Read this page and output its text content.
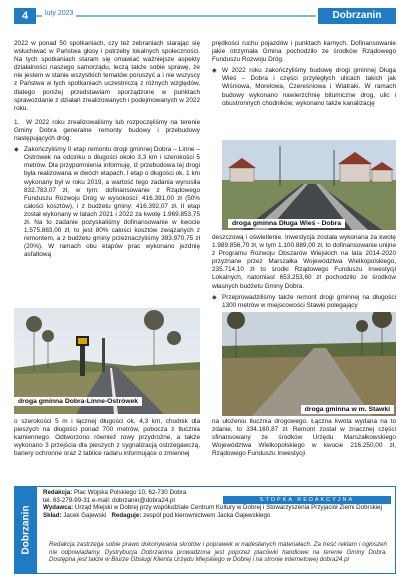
4	luty 2023	Dobrzanin

2022 w ponad 50 spotkaniach, czy też zebraniach starając się wsłuchiwać w Państwa głosy i potrzeby lokalnych społeczności. Na tych spotkaniach staram się omawiać ważniejsze aspekty działalności naszego samorządu, leczą także sobie sprawę, że nie jestem w stanie wszystkich tematów poruszyć a i nie wszyscy z Państwa w tych spotkaniach uczestniczą z różnych względów, dlatego poniżej przedstawiam sporządzone w punktach sprawozdanie z działań zrealizowanych i podejmowanych w 2022 roku.

1. W 2022 roku zrealizowaliśmy lub rozpoczęliśmy na terenie Gminy Dobra generalne remonty budowy i przebudowy następujących dróg:

◆ Zakończyliśmy II etap remontu drogi gminnej Dobra – Linne – Ostrówek na odcinku o długości około 3,3 km i szerokości 5 metrów. Dla przypomnienia informuję, iż przebudowa tej drogi była realizowana w dwóch etapach. I etap o długości ok. 1 km wykonany był w roku 2019, a wartość tego zadania wynosiła 832.783,07 zł, w tym: dofinansowanie z Rządowego Funduszu Rozwoju Dróg w wysokości: 416.391,00 zł (50% całości kosztów), i z budżetu gminy: 416.392,07 zł. II etap został wykonany w latach 2021 i 2022 za kwotę 1.969.853,75 zł. Na to zadanie pozyskaliśmy dofinansowanie w kwocie 1.575.883,00 zł, to jest 80% całości kosztów związanych z remontem, a z budżetu gminy przeznaczyliśmy 393.970,75 zł (20%). W ramach obu etapów prac wykonano jezdnię asfaltową

droga gminna Dobra-Linne-Ostrówek

o szerokości 5 m i łącznej długości ok. 4,3 km, chodnik dla pieszych na długości ponad 700 metrów, pobocza z tłucznia kamiennego. Odtworzono również rowy przydrożne, a także wykonano 3 przejścia dla pieszych z sygnalizacją ostrzegawczą, bariery ochronne oraz 2 tablice radaru informujące o zmiennej

prędkości ruchu pojazdów i punktach karnych. Dofinansowanie jakie otrzymała Gmina pochodziło ze środków Rządowego Funduszu Rozwoju Dróg.

◆ W 2022 roku zakończyliśmy budowę drogi gminnej Długa Wieś – Dobra i części przyległych ulicach takich jak Wiśniowa, Morelowa, Czereśniowa i Wiatraki. W ramach budowy wykonano nawierzchnię bitumiczne drog, ulic i obustronnych chodników, wykonano także kanalizację

droga gminna Długa Wieś - Dobra

deszczową i oświetlenie. Inwestycja została wykonana za kwotę 1.989.856,70 zł, w tym 1.100.889,00 zł, to dofinansowanie unijne z Programu Rozwoju Obszarów Wiejskich na lata 2014-2020 przyznane przez Marszałka Województwa Wielkopolskiego, 235.714,10 zł to środki Rządowego Funduszu Inwestycji Lokalnych, natomiast 653.253,60 zł pochodziło ze środków własnych budżetu Gminy Dobra.

◆ Przeprowadziliśmy także remont drogi gminnej na długości 1300 metrów w miejscowości Stawki polegający

droga gminna w m. Stawki

na ułożeniu tłucznia drogowego. Łączna kwota wydana na to zdanie, to 334.160,87 zł. Remont został w znacznej części sfinansowany ze środków Urzędu Marszałkowskiego Województwa Wielkopolskiego w kwocie 216.250,00 zł, Rządowego Funduszu Inwestycji

Dobrzanin
STOPKA REDAKCYJNA
Redakcja: Plac Wojska Polskiego 10, 62-730 Dobra
tel. 63-279-99-31 e-mail: dobrzanin@dobra24.pl
Wydawca: Urząd Miejski w Dobrej przy współudziale Centrum Kultury w Dobrej i Stowarzyszenia Przyjaciół Ziemi Dobrskiej
Skład: Jacek Gajewski Redaguje: zespół pod kierownictwem Jacka Gajewskiego
Redakcja zastrzega sobie prawo dokonywania skrótów i poprawek w nadesłanych materiałach. Za treść reklam i ogłoszeń nie odpowiadamy. Dystrybucja Dobrzanina prowadzona jest poprzez placówki handlowe na terenie Gminy Dobra. Dostępna jest także w Biurze Obsługi Klienta Urzędu Miejskiego w Dobrej i na stronie internetowej dobra24.pl
